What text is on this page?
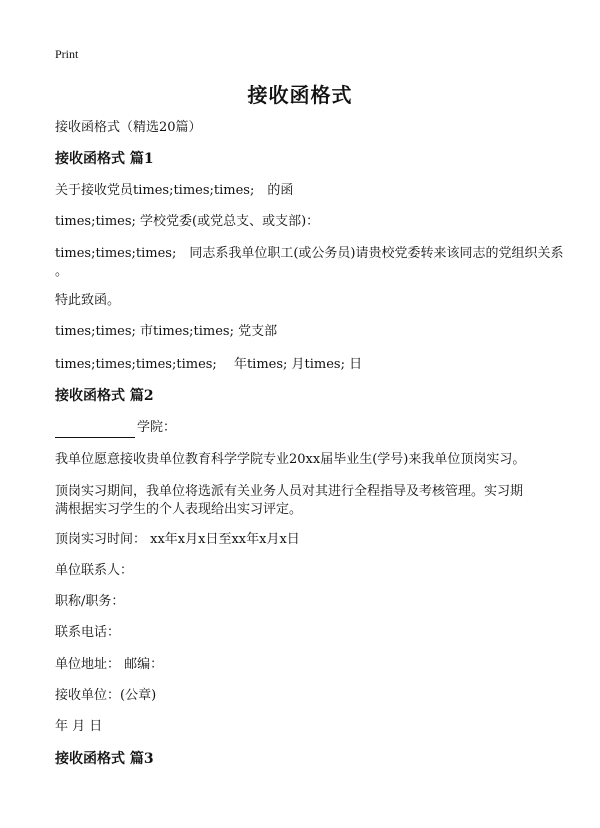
Print
接收函格式
接收函格式（精选20篇）
接收函格式 篇1
关于接收党员times;times;times;　的函
times;times; 学校党委(或党总支、或支部)：
times;times;times;　同志系我单位职工(或公务员)请贵校党委转来该同志的党组织关系
。
特此致函。
times;times; 市times;times; 党支部
times;times;times;times;　 年times; 月times; 日
接收函格式 篇2
学院：
我单位愿意接收贵单位教育科学学院专业20xx届毕业生(学号)来我单位顶岗实习。
顶岗实习期间，我单位将选派有关业务人员对其进行全程指导及考核管理。实习期
满根据实习学生的个人表现给出实习评定。
顶岗实习时间： xx年x月x日至xx年x月x日
单位联系人：
职称/职务：
联系电话：
单位地址： 邮编：
接收单位：(公章)
年 月 日
接收函格式 篇3
